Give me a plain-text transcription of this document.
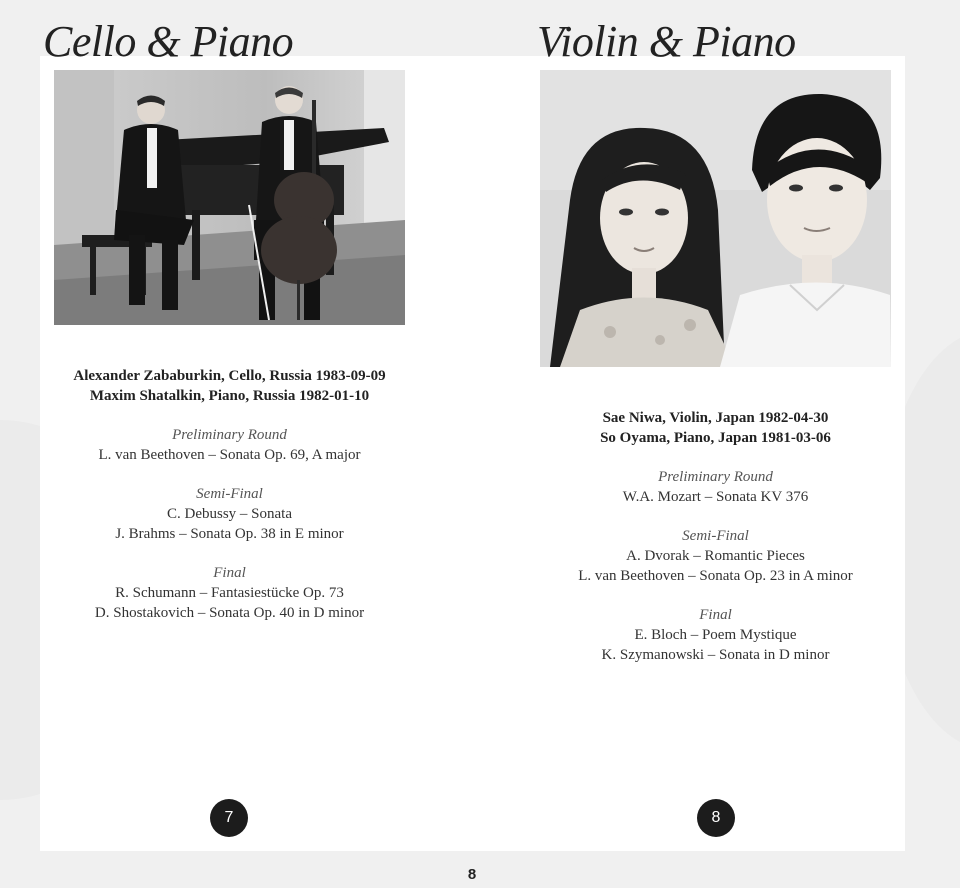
Cello & Piano	Violin & Piano
Alexander Zababurkin, Cello, Russia 1983-09-09
Maxim Shatalkin, Piano, Russia 1982-01-10
Preliminary Round
L. van Beethoven – Sonata Op. 69, A major
Semi-Final
C. Debussy – Sonata
J. Brahms – Sonata Op. 38 in E minor
Final
R. Schumann – Fantasiestücke Op. 73
D. Shostakovich – Sonata Op. 40 in D minor
Sae Niwa, Violin, Japan 1982-04-30
So Oyama, Piano, Japan 1981-03-06
Preliminary Round
W.A. Mozart – Sonata KV 376
Semi-Final
A. Dvorak – Romantic Pieces
L. van Beethoven – Sonata Op. 23 in A minor
Final
E. Bloch – Poem Mystique
K. Szymanowski – Sonata in D minor
7	8
8
